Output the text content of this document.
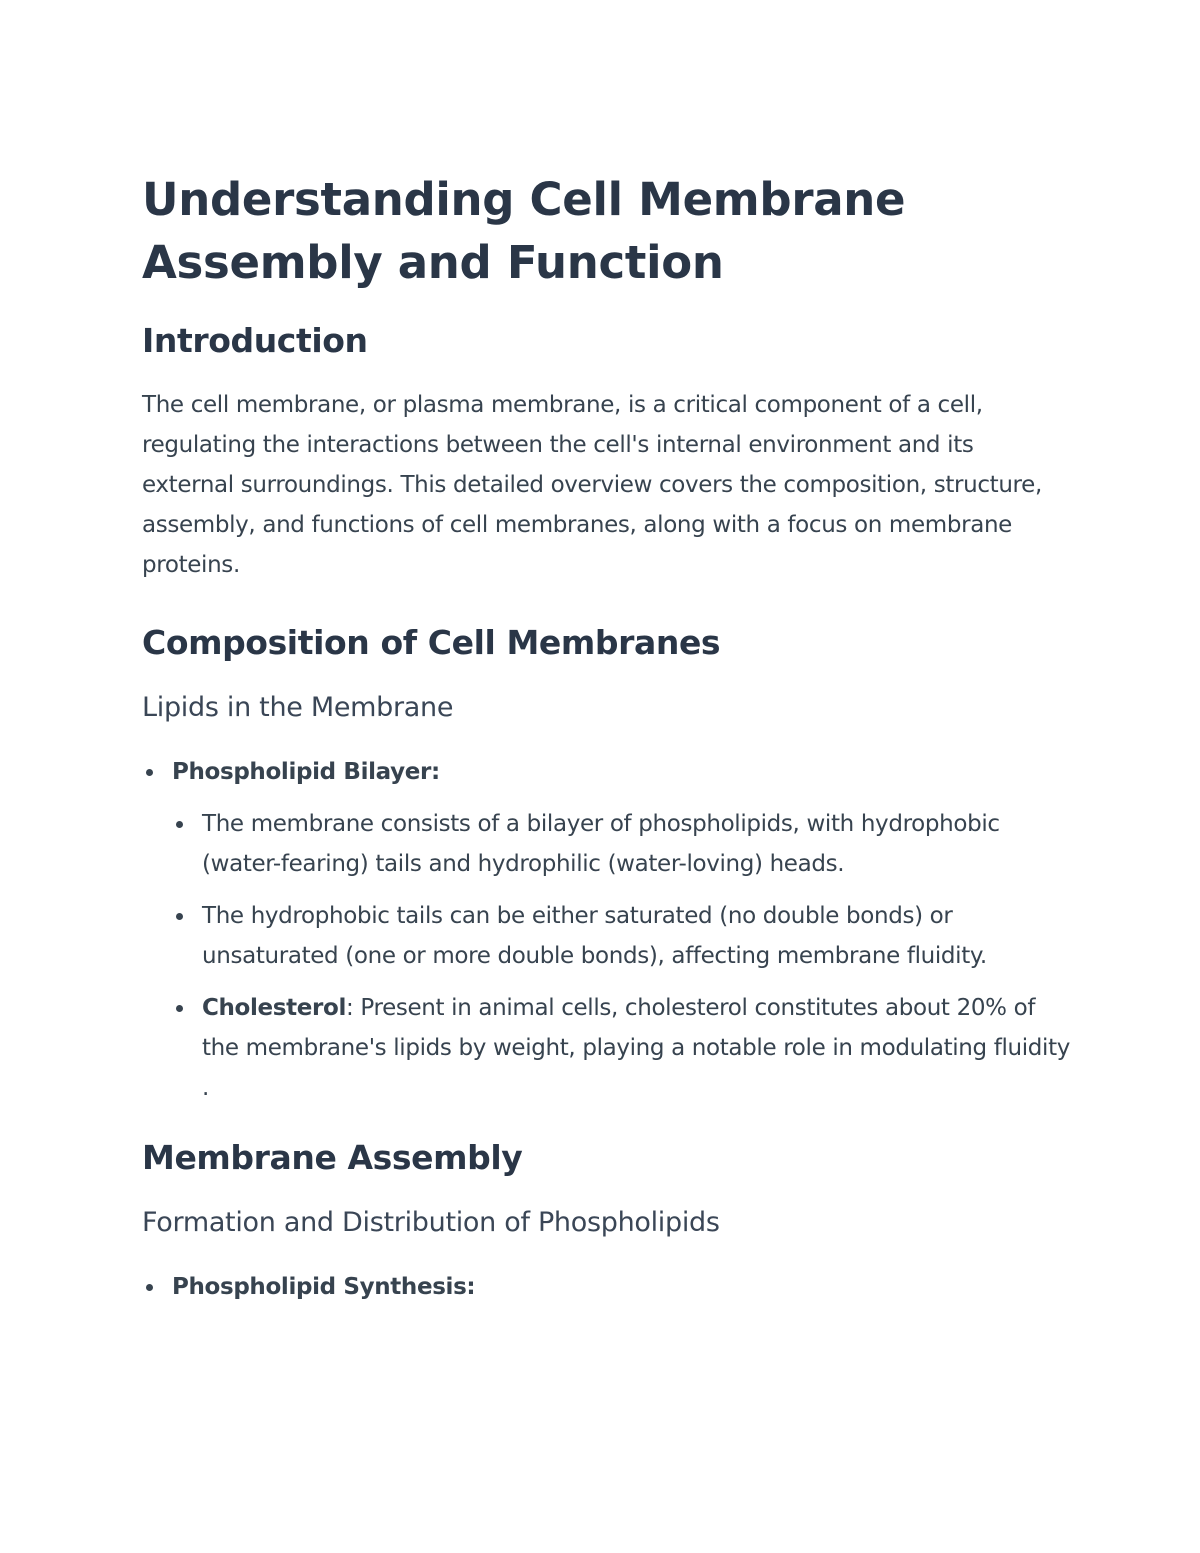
Understanding Cell Membrane Assembly and Function
Introduction

The cell membrane, or plasma membrane, is a critical component of a cell, regulating the interactions between the cell's internal environment and its external surroundings. This detailed overview covers the composition, structure, assembly, and functions of cell membranes, along with a focus on membrane proteins.

Composition of Cell Membranes
Lipids in the Membrane
Phospholipid Bilayer:
The membrane consists of a bilayer of phospholipids, with hydrophobic (water-fearing) tails and hydrophilic (water-loving) heads.
The hydrophobic tails can be either saturated (no double bonds) or unsaturated (one or more double bonds), affecting membrane fluidity.
Cholesterol: Present in animal cells, cholesterol constitutes about 20% of the membrane's lipids by weight, playing a notable role in modulating fluidity .
Membrane Assembly
Formation and Distribution of Phospholipids
Phospholipid Synthesis:
